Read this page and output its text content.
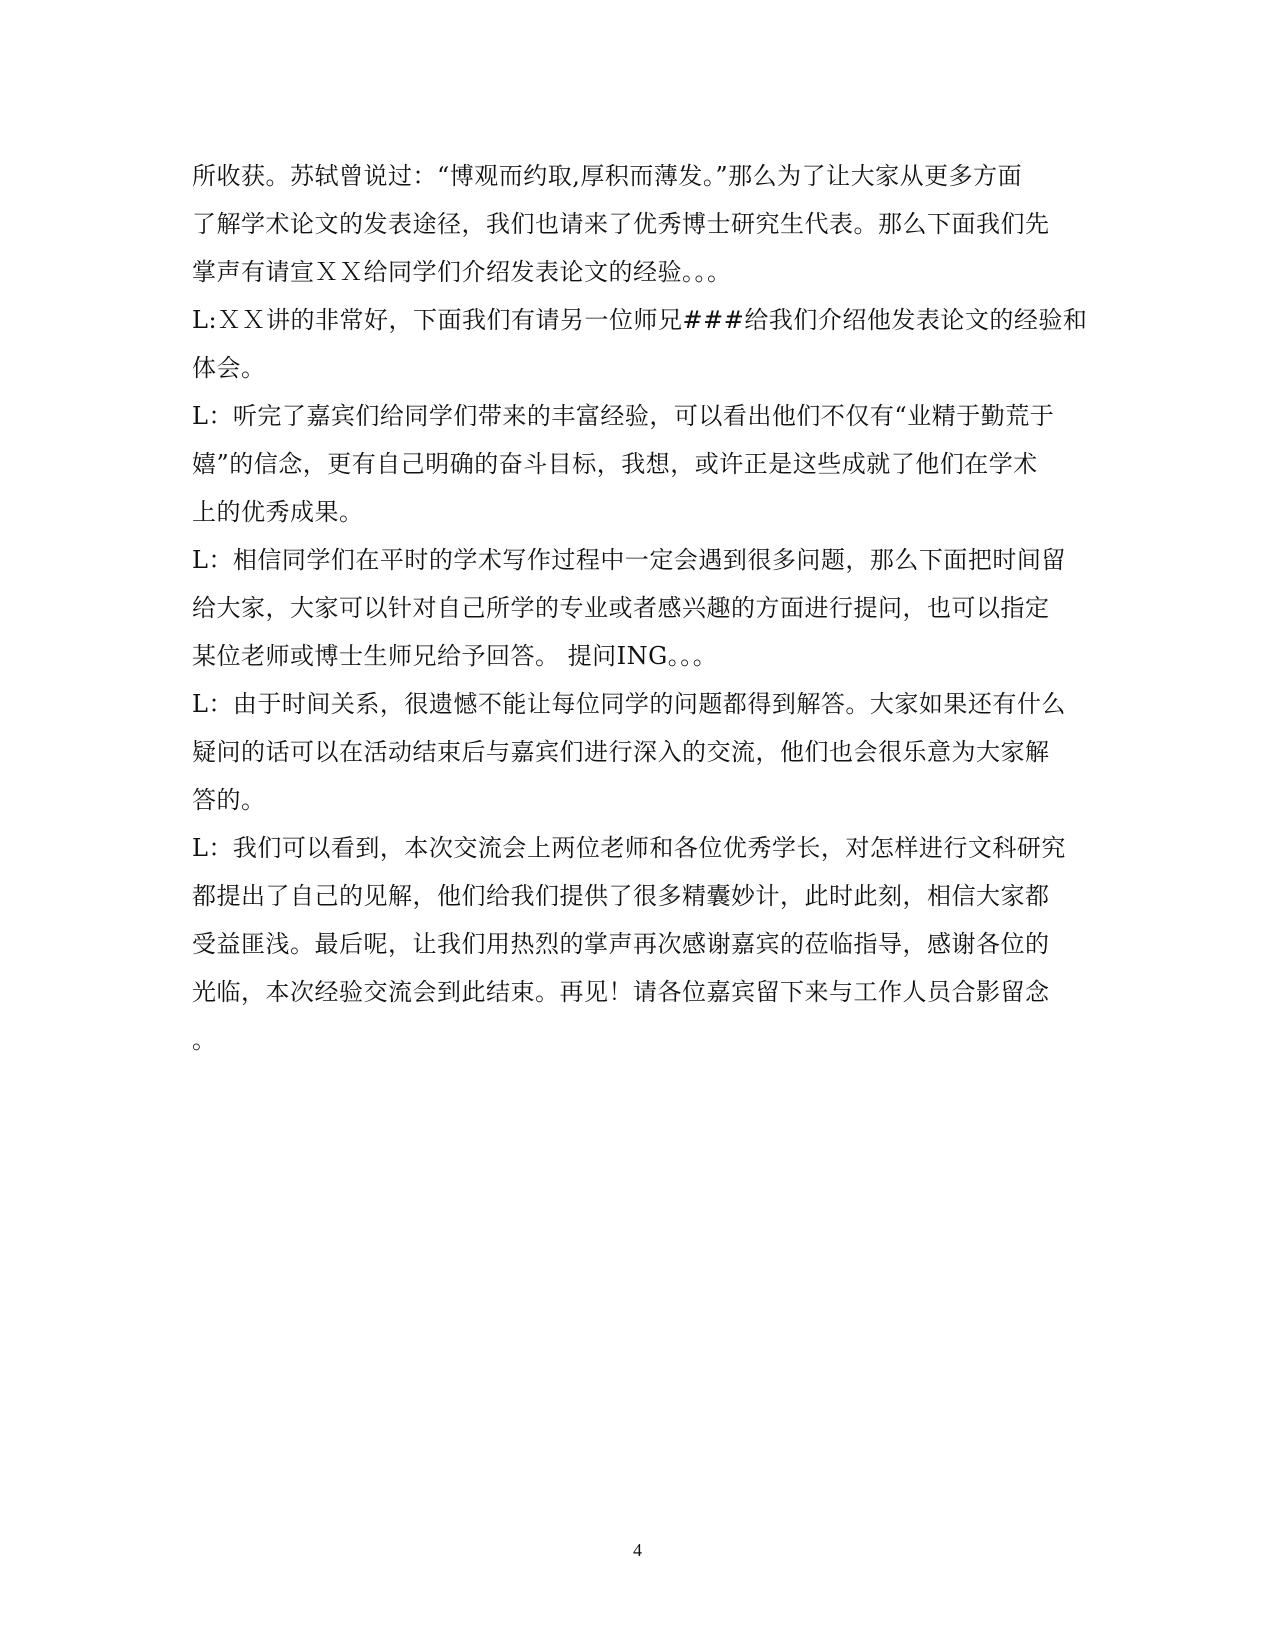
所收获。苏轼曾说过：“博观而约取,厚积而薄发。”那么为了让大家从更多方面
了解学术论文的发表途径，我们也请来了优秀博士研究生代表。那么下面我们先
掌声有请宣ＸＸ给同学们介绍发表论文的经验。。。
L:ＸＸ讲的非常好，下面我们有请另一位师兄###给我们介绍他发表论文的经验和
体会。
L：听完了嘉宾们给同学们带来的丰富经验，可以看出他们不仅有“业精于勤荒于
嬉”的信念，更有自己明确的奋斗目标，我想，或许正是这些成就了他们在学术
上的优秀成果。
L：相信同学们在平时的学术写作过程中一定会遇到很多问题，那么下面把时间留
给大家，大家可以针对自己所学的专业或者感兴趣的方面进行提问，也可以指定
某位老师或博士生师兄给予回答。 提问ING。。。
L：由于时间关系，很遗憾不能让每位同学的问题都得到解答。大家如果还有什么
疑问的话可以在活动结束后与嘉宾们进行深入的交流，他们也会很乐意为大家解
答的。
L：我们可以看到，本次交流会上两位老师和各位优秀学长，对怎样进行文科研究
都提出了自己的见解，他们给我们提供了很多精囊妙计，此时此刻，相信大家都
受益匪浅。最后呢，让我们用热烈的掌声再次感谢嘉宾的莅临指导，感谢各位的
光临，本次经验交流会到此结束。再见！请各位嘉宾留下来与工作人员合影留念
。
4
